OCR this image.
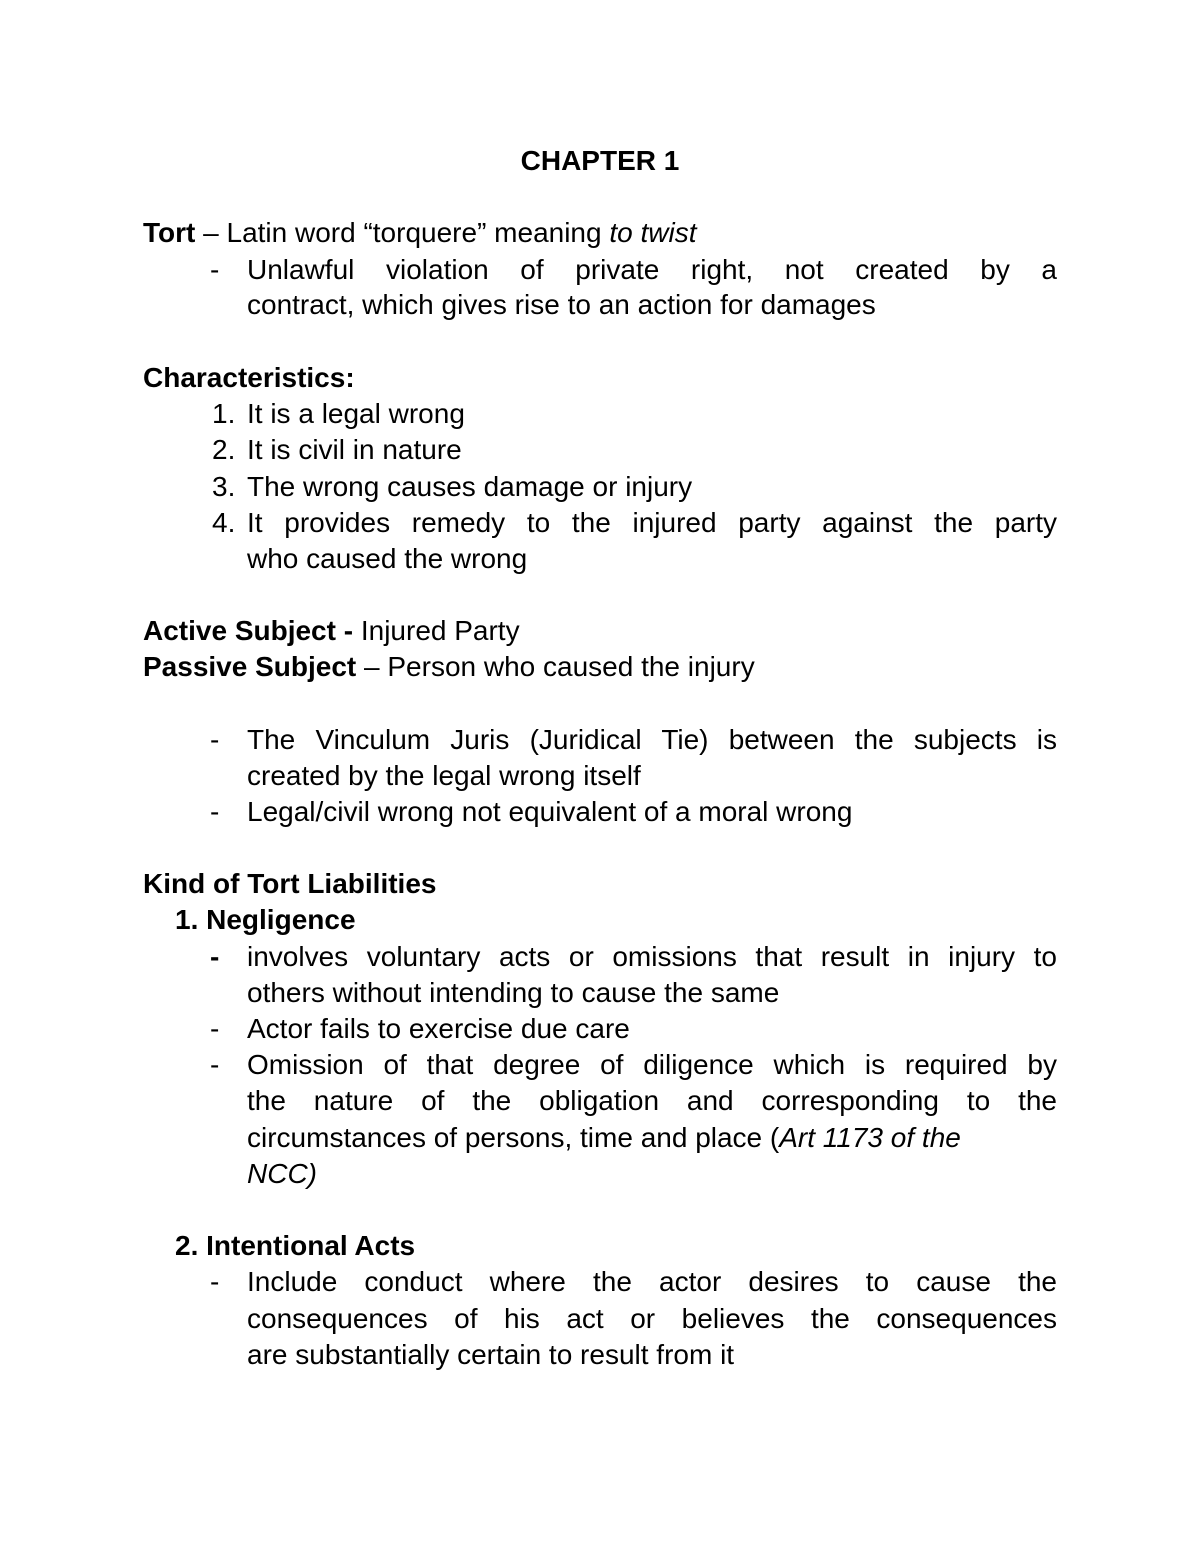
CHAPTER 1
Tort – Latin word “torquere” meaning to twist
- Unlawful violation of private right, not created by a
contract, which gives rise to an action for damages
Characteristics:
1. It is a legal wrong
2. It is civil in nature
3. The wrong causes damage or injury
4. It provides remedy to the injured party against the party
who caused the wrong
Active Subject - Injured Party
Passive Subject – Person who caused the injury
- The Vinculum Juris (Juridical Tie) between the subjects is
created by the legal wrong itself
- Legal/civil wrong not equivalent of a moral wrong
Kind of Tort Liabilities
1. Negligence
- involves voluntary acts or omissions that result in injury to
others without intending to cause the same
- Actor fails to exercise due care
- Omission of that degree of diligence which is required by
the nature of the obligation and corresponding to the
circumstances of persons, time and place (Art 1173 of the
NCC)
2. Intentional Acts
- Include conduct where the actor desires to cause the
consequences of his act or believes the consequences
are substantially certain to result from it
